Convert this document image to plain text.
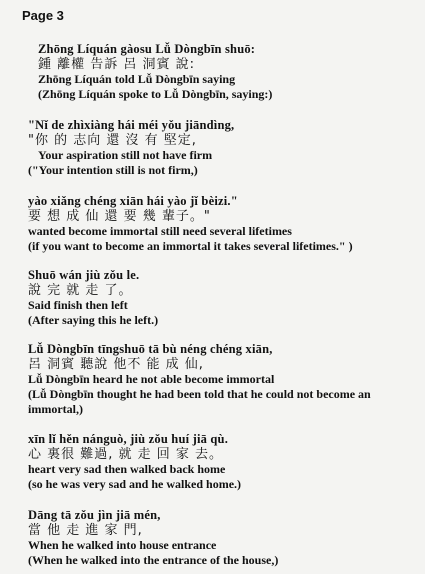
Page 3
Zhōng Líquán gàosu Lǚ Dòngbīn shuō:
鍾 離權 告訴 呂 洞賓 說:
Zhōng Líquán told Lǚ Dòngbīn saying
(Zhōng Líquán spoke to Lǚ Dòngbīn, saying:)
"Nǐ de zhìxiàng hái méi yǒu jiāndìng,
"你 的 志向 還 沒 有 堅定,
Your aspiration still not have firm
("Your intention still is not firm,)
yào xiǎng chéng xiān hái yào jǐ bèizi."
要 想 成 仙 還 要 幾 輩子。"
wanted become immortal still need several lifetimes
(if you want to become an immortal it takes several lifetimes." )
Shuō wán jiù zǒu le.
說 完 就 走 了。
Said finish then left
(After saying this he left.)
Lǚ Dòngbīn tīngshuō tā bù néng chéng xiān,
呂 洞賓 聽說 他不 能 成 仙,
Lǚ Dòngbīn heard he not able become immortal
(Lǚ Dòngbīn thought he had been told that he could not become an immortal,)
xīn lǐ hěn nánguò, jiù zǒu huí jiā qù.
心 裏很 難過, 就 走 回 家 去。
heart very sad then walked back home
(so he was very sad and he walked home.)
Dāng tā zǒu jìn jiā mén,
當 他 走 進 家 門,
When he walked into house entrance
(When he walked into the entrance of the house,)
